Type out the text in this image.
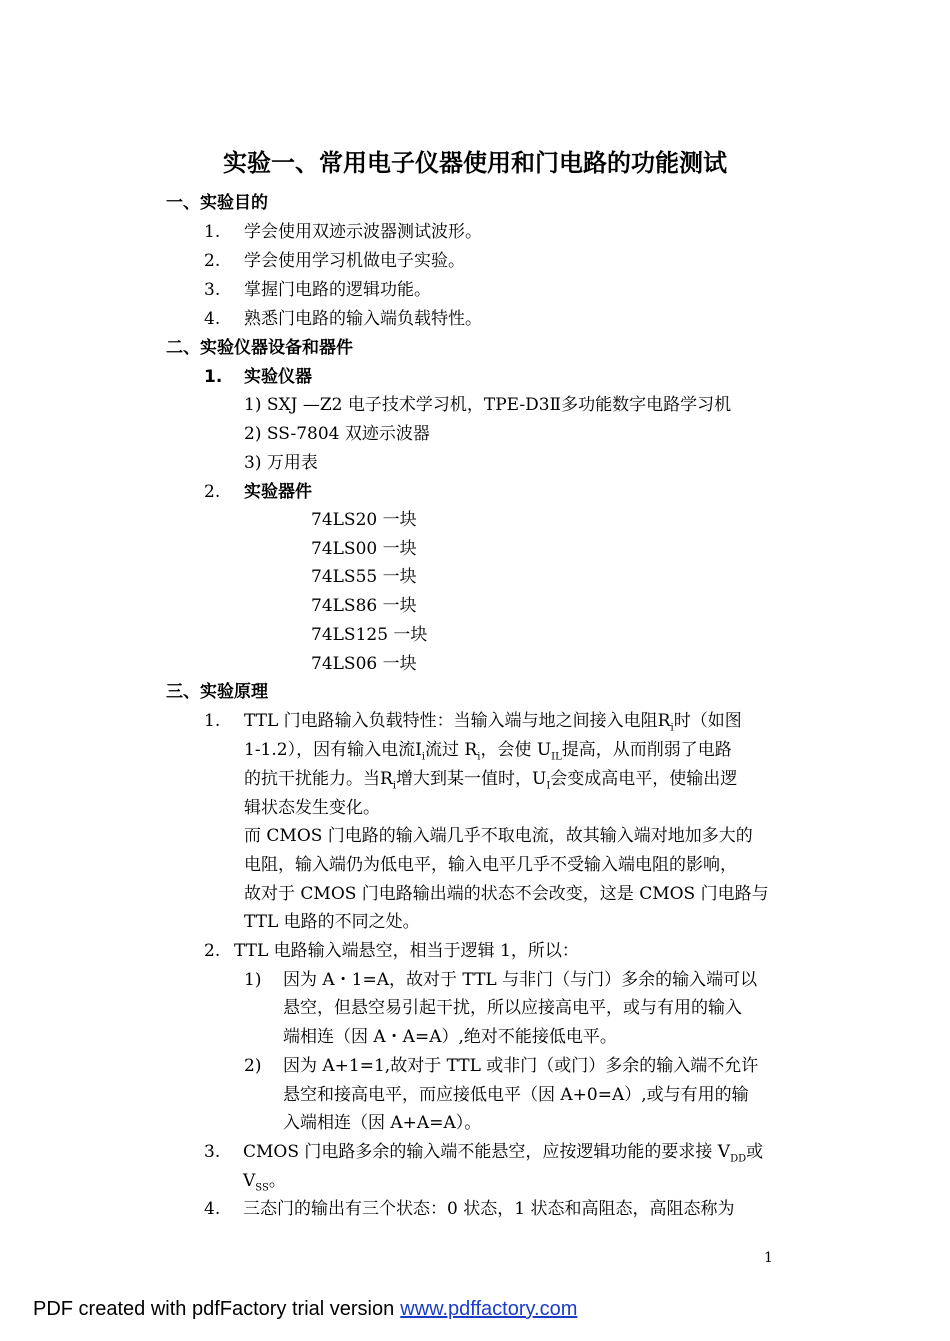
实验一、常用电子仪器使用和门电路的功能测试
一、实验目的
1. 学会使用双迹示波器测试波形。
2. 学会使用学习机做电子实验。
3. 掌握门电路的逻辑功能。
4. 熟悉门电路的输入端负载特性。
二、实验仪器设备和器件
1. 实验仪器
1) SXJ —Z2 电子技术学习机，TPE-D3Ⅱ多功能数字电路学习机
2) SS-7804 双迹示波器
3) 万用表
2. 实验器件
74LS20 一块
74LS00 一块
74LS55 一块
74LS86 一块
74LS125 一块
74LS06 一块
三、实验原理
1. TTL 门电路输入负载特性：当输入端与地之间接入电阻$R_i$时（如图
1-1.2），因有输入电流$I_i$流过 $R_i$，会使 $U_{IL}$提高，从而削弱了电路
的抗干扰能力。当$R_i$增大到某一值时，$U_I$会变成高电平，使输出逻
辑状态发生变化。
而 CMOS 门电路的输入端几乎不取电流，故其输入端对地加多大的
电阻，输入端仍为低电平，输入电平几乎不受输入端电阻的影响，
故对于 CMOS 门电路输出端的状态不会改变，这是 CMOS 门电路与
TTL 电路的不同之处。
2. TTL 电路输入端悬空，相当于逻辑 1，所以：
1) 因为 A・1=A，故对于 TTL 与非门（与门）多余的输入端可以
悬空，但悬空易引起干扰，所以应接高电平，或与有用的输入
端相连（因 A・A=A）,绝对不能接低电平。
2) 因为 A+1=1,故对于 TTL 或非门（或门）多余的输入端不允许
悬空和接高电平，而应接低电平（因 A+0=A）,或与有用的输
入端相连（因 A+A=A）。
3. CMOS 门电路多余的输入端不能悬空，应按逻辑功能的要求接 $V_{DD}$或
$V_{SS}$。
4. 三态门的输出有三个状态：0 状态，1 状态和高阻态，高阻态称为
1
PDF created with pdfFactory trial version www.pdffactory.com
